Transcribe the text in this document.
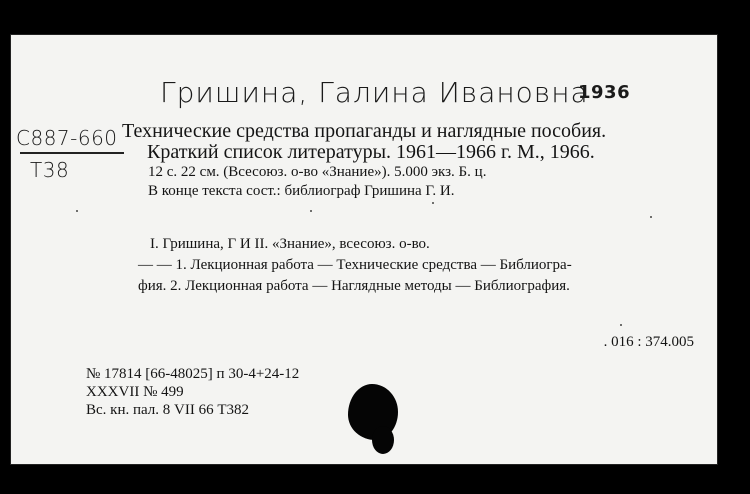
Гришина, Галина Ивановна
1936
C887-660
T38
Технические средства пропаганды и наглядные пособия.
Краткий список литературы. 1961—1966 г. М., 1966.
12 с. 22 см. (Всесоюз. о-во «Знание»). 5.000 экз. Б. ц.
В конце текста сост.: библиограф Гришина Г. И.
I. Гришина, Г И II. «Знание», всесоюз. о-во.
— — 1. Лекционная работа — Технические средства — Библиогра-
фия. 2. Лекционная работа — Наглядные методы — Библиография.
. 016 : 374.005
№ 17814 [66-48025] п 30-4+24-12
XXXVII № 499
Вс. кн. пал. 8 VII 66 Т382
